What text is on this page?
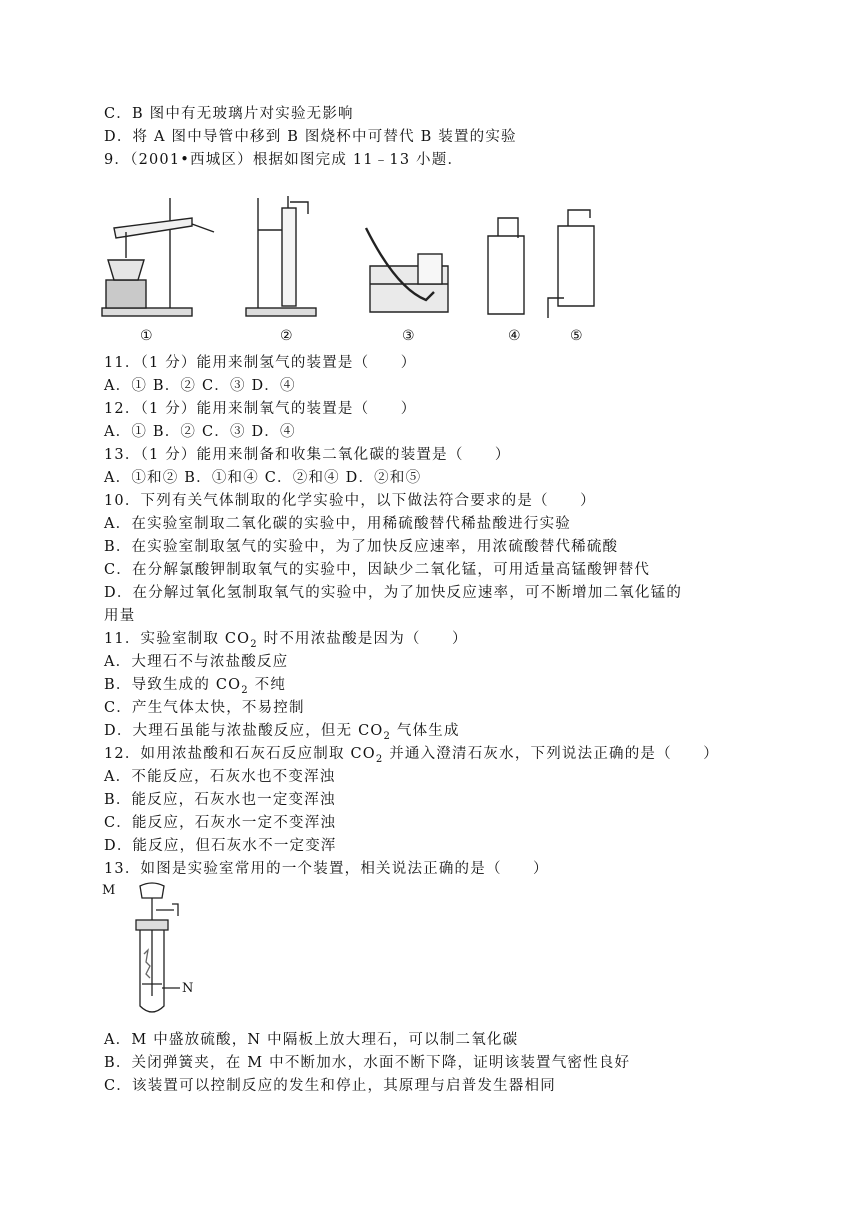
C．B 图中有无玻璃片对实验无影响
D．将 A 图中导管中移到 B 图烧杯中可替代 B 装置的实验
9．（2001•西城区）根据如图完成 11﹣13 小题．
①	②	③	④	⑤
11．（1 分）能用来制氢气的装置是（　　）
A．① B．② C．③ D．④
12．（1 分）能用来制氧气的装置是（　　）
A．① B．② C．③ D．④
13．（1 分）能用来制备和收集二氧化碳的装置是（　　）
A．①和② B．①和④ C．②和④ D．②和⑤
10．下列有关气体制取的化学实验中，以下做法符合要求的是（　　）
A．在实验室制取二氧化碳的实验中，用稀硫酸替代稀盐酸进行实验
B．在实验室制取氢气的实验中，为了加快反应速率，用浓硫酸替代稀硫酸
C．在分解氯酸钾制取氧气的实验中，因缺少二氧化锰，可用适量高锰酸钾替代
D．在分解过氧化氢制取氧气的实验中，为了加快反应速率，可不断增加二氧化锰的
用量
11．实验室制取 $CO_2$ 时不用浓盐酸是因为（　　）
A．大理石不与浓盐酸反应
B．导致生成的 $CO_2$ 不纯
C．产生气体太快，不易控制
D．大理石虽能与浓盐酸反应，但无 $CO_2$ 气体生成
12．如用浓盐酸和石灰石反应制取 $CO_2$ 并通入澄清石灰水，下列说法正确的是（　　）
A．不能反应，石灰水也不变浑浊
B．能反应，石灰水也一定变浑浊
C．能反应，石灰水一定不变浑浊
D．能反应，但石灰水不一定变浑
13．如图是实验室常用的一个装置，相关说法正确的是（　　）
M
N
A．M 中盛放硫酸，N 中隔板上放大理石，可以制二氧化碳
B．关闭弹簧夹，在 M 中不断加水，水面不断下降，证明该装置气密性良好
C．该装置可以控制反应的发生和停止，其原理与启普发生器相同
